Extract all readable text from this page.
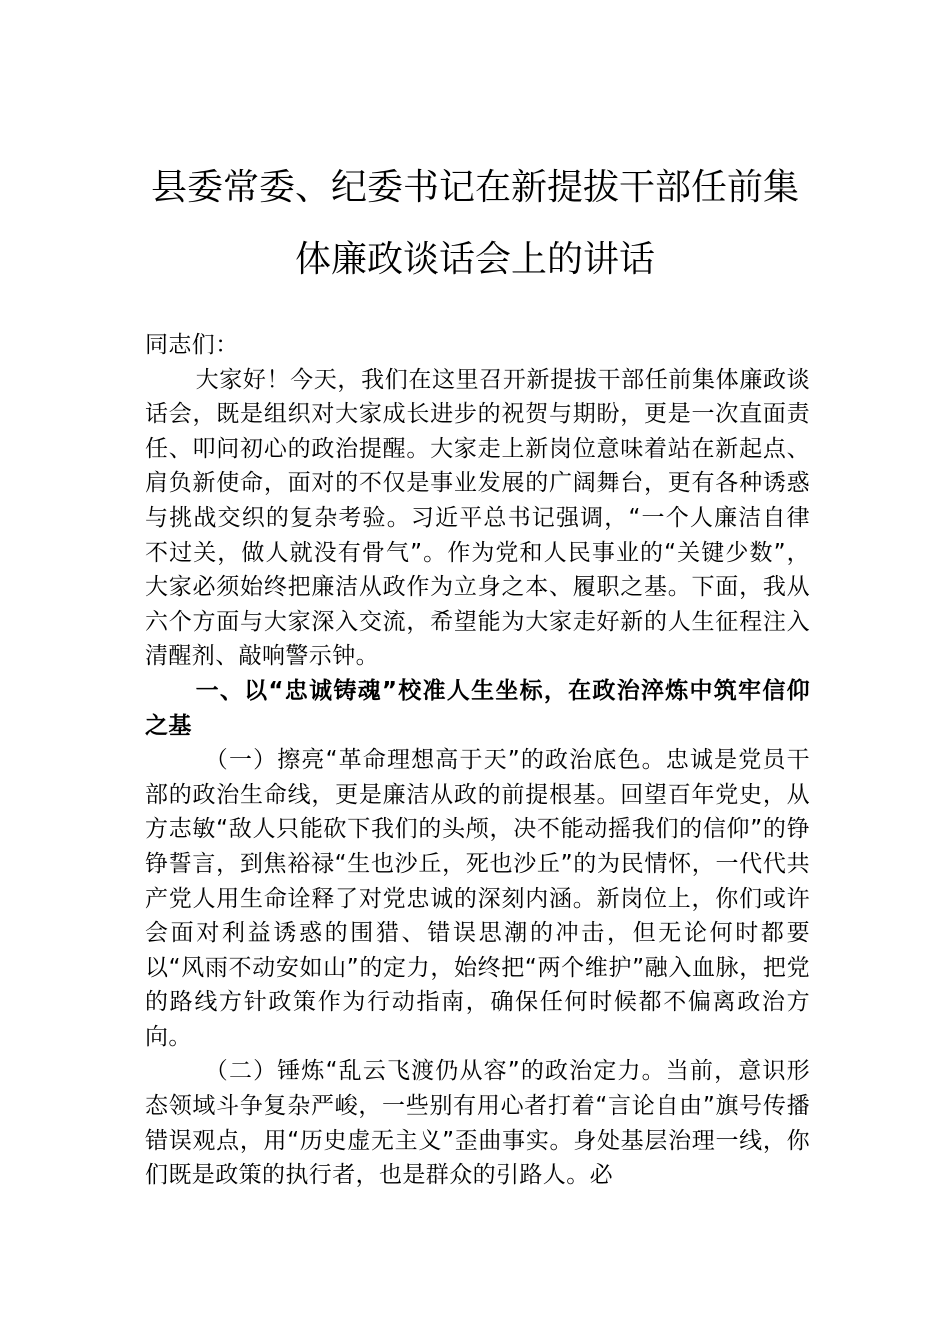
县委常委、纪委书记在新提拔干部任前集
体廉政谈话会上的讲话

同志们：

大家好！今天，我们在这里召开新提拔干部任前集体廉政谈话会，既是组织对大家成长进步的祝贺与期盼，更是一次直面责任、叩问初心的政治提醒。大家走上新岗位意味着站在新起点、肩负新使命，面对的不仅是事业发展的广阔舞台，更有各种诱惑与挑战交织的复杂考验。习近平总书记强调，“一个人廉洁自律不过关，做人就没有骨气”。作为党和人民事业的“关键少数”，大家必须始终把廉洁从政作为立身之本、履职之基。下面，我从六个方面与大家深入交流，希望能为大家走好新的人生征程注入清醒剂、敲响警示钟。

一、以“忠诚铸魂”校准人生坐标，在政治淬炼中筑牢信仰之基

（一）擦亮“革命理想高于天”的政治底色。忠诚是党员干部的政治生命线，更是廉洁从政的前提根基。回望百年党史，从方志敏“敌人只能砍下我们的头颅，决不能动摇我们的信仰”的铮铮誓言，到焦裕禄“生也沙丘，死也沙丘”的为民情怀，一代代共产党人用生命诠释了对党忠诚的深刻内涵。新岗位上，你们或许会面对利益诱惑的围猎、错误思潮的冲击，但无论何时都要以“风雨不动安如山”的定力，始终把“两个维护”融入血脉，把党的路线方针政策作为行动指南，确保任何时候都不偏离政治方向。

（二）锤炼“乱云飞渡仍从容”的政治定力。当前，意识形态领域斗争复杂严峻，一些别有用心者打着“言论自由”旗号传播错误观点，用“历史虚无主义”歪曲事实。身处基层治理一线，你们既是政策的执行者，也是群众的引路人。必
